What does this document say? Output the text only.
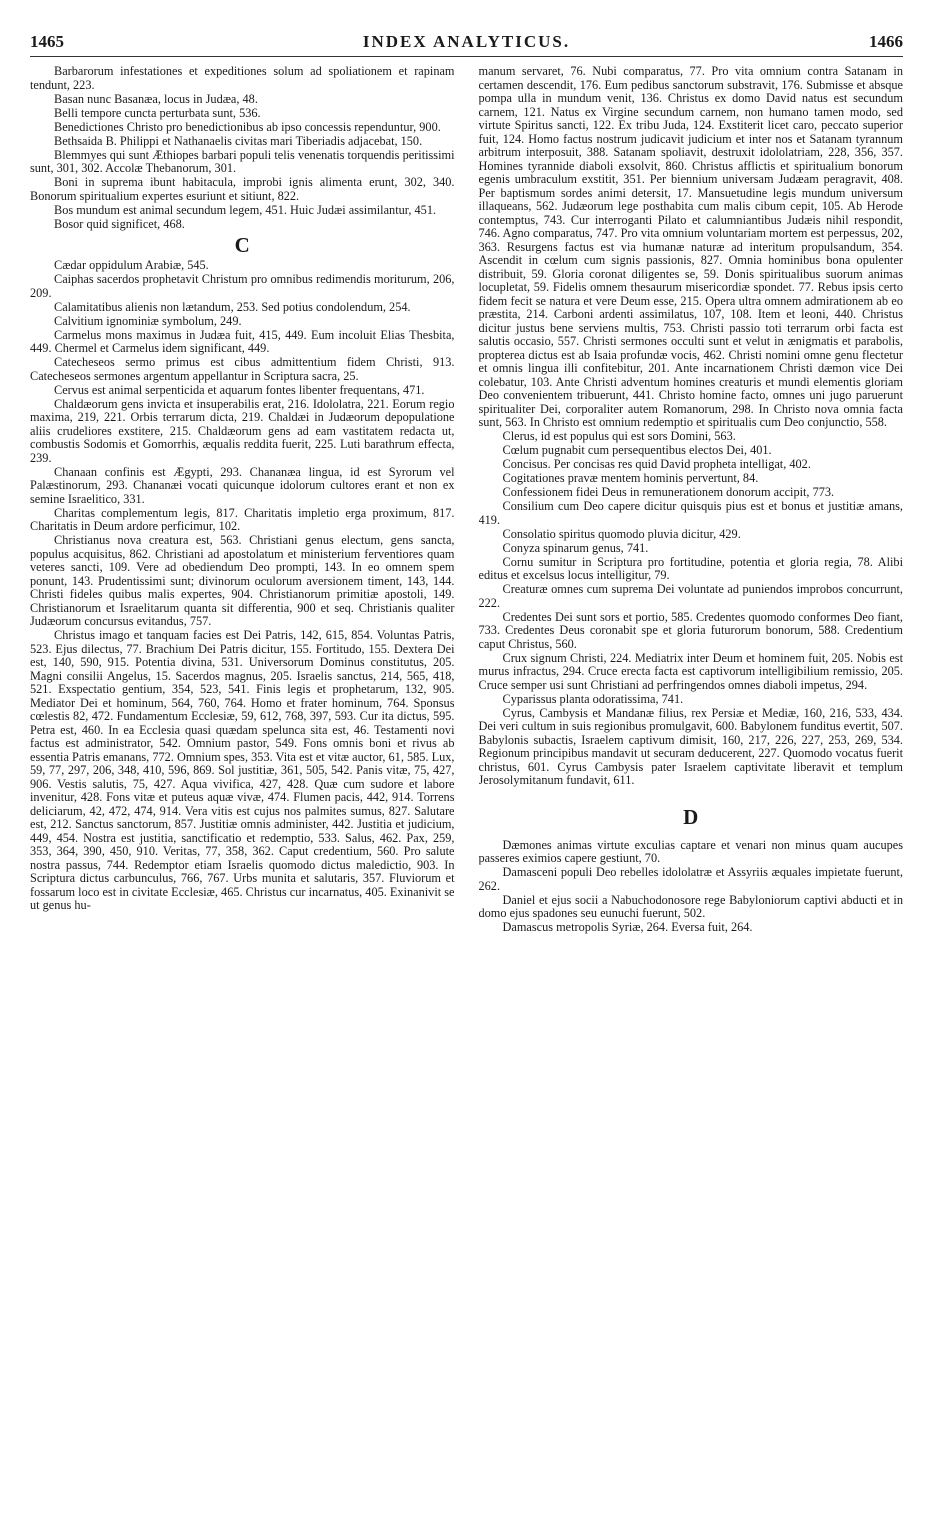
1465	INDEX ANALYTICUS.	1466

Barbarorum infestationes et expeditiones solum ad spoliationem et rapinam tendunt, 223.

Basan nunc Basanæa, locus in Judæa, 48.

Belli tempore cuncta perturbata sunt, 536.

Benedictiones Christo pro benedictionibus ab ipso concessis rependuntur, 900.

Bethsaida B. Philippi et Nathanaelis civitas mari Tiberiadis adjacebat, 150.

Blemmyes qui sunt Æthiopes barbari populi telis venenatis torquendis peritissimi sunt, 301, 302. Accolæ Thebanorum, 301.

Boni in suprema ibunt habitacula, improbi ignis alimenta erunt, 302, 340. Bonorum spiritualium expertes esuriunt et sitiunt, 822.

Bos mundum est animal secundum legem, 451. Huic Judæi assimilantur, 451.

Bosor quid significet, 468.

C

Cædar oppidulum Arabiæ, 545.

Caiphas sacerdos prophetavit Christum pro omnibus redimendis moriturum, 206, 209.

Calamitatibus alienis non lætandum, 253. Sed potius condolendum, 254.

Calvitium ignominiæ symbolum, 249.

Carmelus mons maximus in Judæa fuit, 415, 449. Eum incoluit Elias Thesbita, 449. Chermel et Carmelus idem significant, 449.

Catecheseos sermo primus est cibus admittentium fidem Christi, 913. Catecheseos sermones argentum appellantur in Scriptura sacra, 25.

Cervus est animal serpenticida et aquarum fontes libenter frequentans, 471.

Chaldæorum gens invicta et insuperabilis erat, 216. Idololatra, 221. Eorum regio maxima, 219, 221. Orbis terrarum dicta, 219. Chaldæi in Judæorum depopulatione aliis crudeliores exstitere, 215. Chaldæorum gens ad eam vastitatem redacta ut, combustis Sodomis et Gomorrhis, æqualis reddita fuerit, 225. Luti barathrum effecta, 239.

Chanaan confinis est Ægypti, 293. Chananæa lingua, id est Syrorum vel Palæstinorum, 293. Chananæi vocati quicunque idolorum cultores erant et non ex semine Israelitico, 331.

Charitas complementum legis, 817. Charitatis impletio erga proximum, 817. Charitatis in Deum ardore perficimur, 102.

Christianus nova creatura est, 563. Christiani genus electum, gens sancta, populus acquisitus, 862. Christiani ad apostolatum et ministerium ferventiores quam veteres sancti, 109. Vere ad obediendum Deo prompti, 143. In eo omnem spem ponunt, 143. Prudentissimi sunt; divinorum oculorum aversionem timent, 143, 144. Christi fideles quibus malis expertes, 904. Christianorum primitiæ apostoli, 149. Christianorum et Israelitarum quanta sit differentia, 900 et seq. Christianis qualiter Judæorum concursus evitandus, 757.

Christus imago et tanquam facies est Dei Patris, 142, 615, 854. Voluntas Patris, 523. Ejus dilectus, 77. Brachium Dei Patris dicitur, 155. Fortitudo, 155. Dextera Dei est, 140, 590, 915. Potentia divina, 531. Universorum Dominus constitutus, 205. Magni consilii Angelus, 15. Sacerdos magnus, 205. Israelis sanctus, 214, 565, 418, 521. Exspectatio gentium, 354, 523, 541. Finis legis et prophetarum, 132, 905. Mediator Dei et hominum, 564, 760, 764. Homo et frater hominum, 764. Sponsus cœlestis 82, 472. Fundamentum Ecclesiæ, 59, 612, 768, 397, 593. Cur ita dictus, 595. Petra est, 460. In ea Ecclesia quasi quædam spelunca sita est, 46. Testamenti novi factus est administrator, 542. Omnium pastor, 549. Fons omnis boni et rivus ab essentia Patris emanans, 772. Omnium spes, 353. Vita est et vitæ auctor, 61, 585. Lux, 59, 77, 297, 206, 348, 410, 596, 869. Sol justitiæ, 361, 505, 542. Panis vitæ, 75, 427, 906. Vestis salutis, 75, 427. Aqua vivifica, 427, 428. Quæ cum sudore et labore invenitur, 428. Fons vitæ et puteus aquæ vivæ, 474. Flumen pacis, 442, 914. Torrens deliciarum, 42, 472, 474, 914. Vera vitis est cujus nos palmites sumus, 827. Salutare est, 212. Sanctus sanctorum, 857. Justitiæ omnis administer, 442. Justitia et judicium, 449, 454. Nostra est justitia, sanctificatio et redemptio, 533. Salus, 462. Pax, 259, 353, 364, 390, 450, 910. Veritas, 77, 358, 362. Caput credentium, 560. Pro salute nostra passus, 744. Redemptor etiam Israelis quomodo dictus maledictio, 903. In Scriptura dictus carbunculus, 766, 767. Urbs munita et salutaris, 357. Fluviorum et fossarum loco est in civitate Ecclesiæ, 465. Christus cur incarnatus, 405. Exinanivit se ut genus hu-

manum servaret, 76. Nubi comparatus, 77. Pro vita omnium contra Satanam in certamen descendit, 176. Eum pedibus sanctorum substravit, 176. Submisse et absque pompa ulla in mundum venit, 136. Christus ex domo David natus est secundum carnem, 121. Natus ex Virgine secundum carnem, non humano tamen modo, sed virtute Spiritus sancti, 122. Ex tribu Juda, 124. Exstiterit licet caro, peccato superior fuit, 124. Homo factus nostrum judicavit judicium et inter nos et Satanam tyrannum arbitrum interposuit, 388. Satanam spoliavit, destruxit idololatriam, 228, 356, 357. Homines tyrannide diaboli exsolvit, 860. Christus afflictis et spiritualium bonorum egenis umbraculum exstitit, 351. Per biennium universam Judæam peragravit, 408. Per baptismum sordes animi detersit, 17. Mansuetudine legis mundum universum illaqueans, 562. Judæorum lege posthabita cum malis cibum cepit, 105. Ab Herode contemptus, 743. Cur interroganti Pilato et calumniantibus Judæis nihil respondit, 746. Agno comparatus, 747. Pro vita omnium voluntariam mortem est perpessus, 202, 363. Resurgens factus est via humanæ naturæ ad interitum propulsandum, 354. Ascendit in cœlum cum signis passionis, 827. Omnia hominibus bona opulenter distribuit, 59. Gloria coronat diligentes se, 59. Donis spiritualibus suorum animas locupletat, 59. Fidelis omnem thesaurum misericordiæ spondet. 77. Rebus ipsis certo fidem fecit se natura et vere Deum esse, 215. Opera ultra omnem admirationem ab eo præstita, 214. Carboni ardenti assimilatus, 107, 108. Item et leoni, 440. Christus dicitur justus bene serviens multis, 753. Christi passio toti terrarum orbi facta est salutis occasio, 557. Christi sermones occulti sunt et velut in ænigmatis et parabolis, propterea dictus est ab Isaia profundæ vocis, 462. Christi nomini omne genu flectetur et omnis lingua illi confitebitur, 201. Ante incarnationem Christi dæmon vice Dei colebatur, 103. Ante Christi adventum homines creaturis et mundi elementis gloriam Deo convenientem tribuerunt, 441. Christo homine facto, omnes uni jugo paruerunt spiritualiter Dei, corporaliter autem Romanorum, 298. In Christo nova omnia facta sunt, 563. In Christo est omnium redemptio et spiritualis cum Deo conjunctio, 558.

Clerus, id est populus qui est sors Domini, 563.

Cœlum pugnabit cum persequentibus electos Dei, 401.

Concisus. Per concisas res quid David propheta intelligat, 402.

Cogitationes pravæ mentem hominis pervertunt, 84.

Confessionem fidei Deus in remunerationem donorum accipit, 773.

Consilium cum Deo capere dicitur quisquis pius est et bonus et justitiæ amans, 419.

Consolatio spiritus quomodo pluvia dicitur, 429.

Conyza spinarum genus, 741.

Cornu sumitur in Scriptura pro fortitudine, potentia et gloria regia, 78. Alibi editus et excelsus locus intelligitur, 79.

Creaturæ omnes cum suprema Dei voluntate ad puniendos improbos concurrunt, 222.

Credentes Dei sunt sors et portio, 585. Credentes quomodo conformes Deo fiant, 733. Credentes Deus coronabit spe et gloria futurorum bonorum, 588. Credentium caput Christus, 560.

Crux signum Christi, 224. Mediatrix inter Deum et hominem fuit, 205. Nobis est murus infractus, 294. Cruce erecta facta est captivorum intelligibilium remissio, 205. Cruce semper usi sunt Christiani ad perfringendos omnes diaboli impetus, 294.

Cyparissus planta odoratissima, 741.

Cyrus, Cambysis et Mandanæ filius, rex Persiæ et Mediæ, 160, 216, 533, 434. Dei veri cultum in suis regionibus promulgavit, 600. Babylonem funditus evertit, 507. Babylonis subactis, Israelem captivum dimisit, 160, 217, 226, 227, 253, 269, 534. Regionum principibus mandavit ut securam deducerent, 227. Quomodo vocatus fuerit christus, 601. Cyrus Cambysis pater Israelem captivitate liberavit et templum Jerosolymitanum fundavit, 611.

D

Dæmones animas virtute exculias captare et venari non minus quam aucupes passeres eximios capere gestiunt, 70.

Damasceni populi Deo rebelles idololatræ et Assyriis æquales impietate fuerunt, 262.

Daniel et ejus socii a Nabuchodonosore rege Babyloniorum captivi abducti et in domo ejus spadones seu eunuchi fuerunt, 502.

Damascus metropolis Syriæ, 264. Eversa fuit, 264.
